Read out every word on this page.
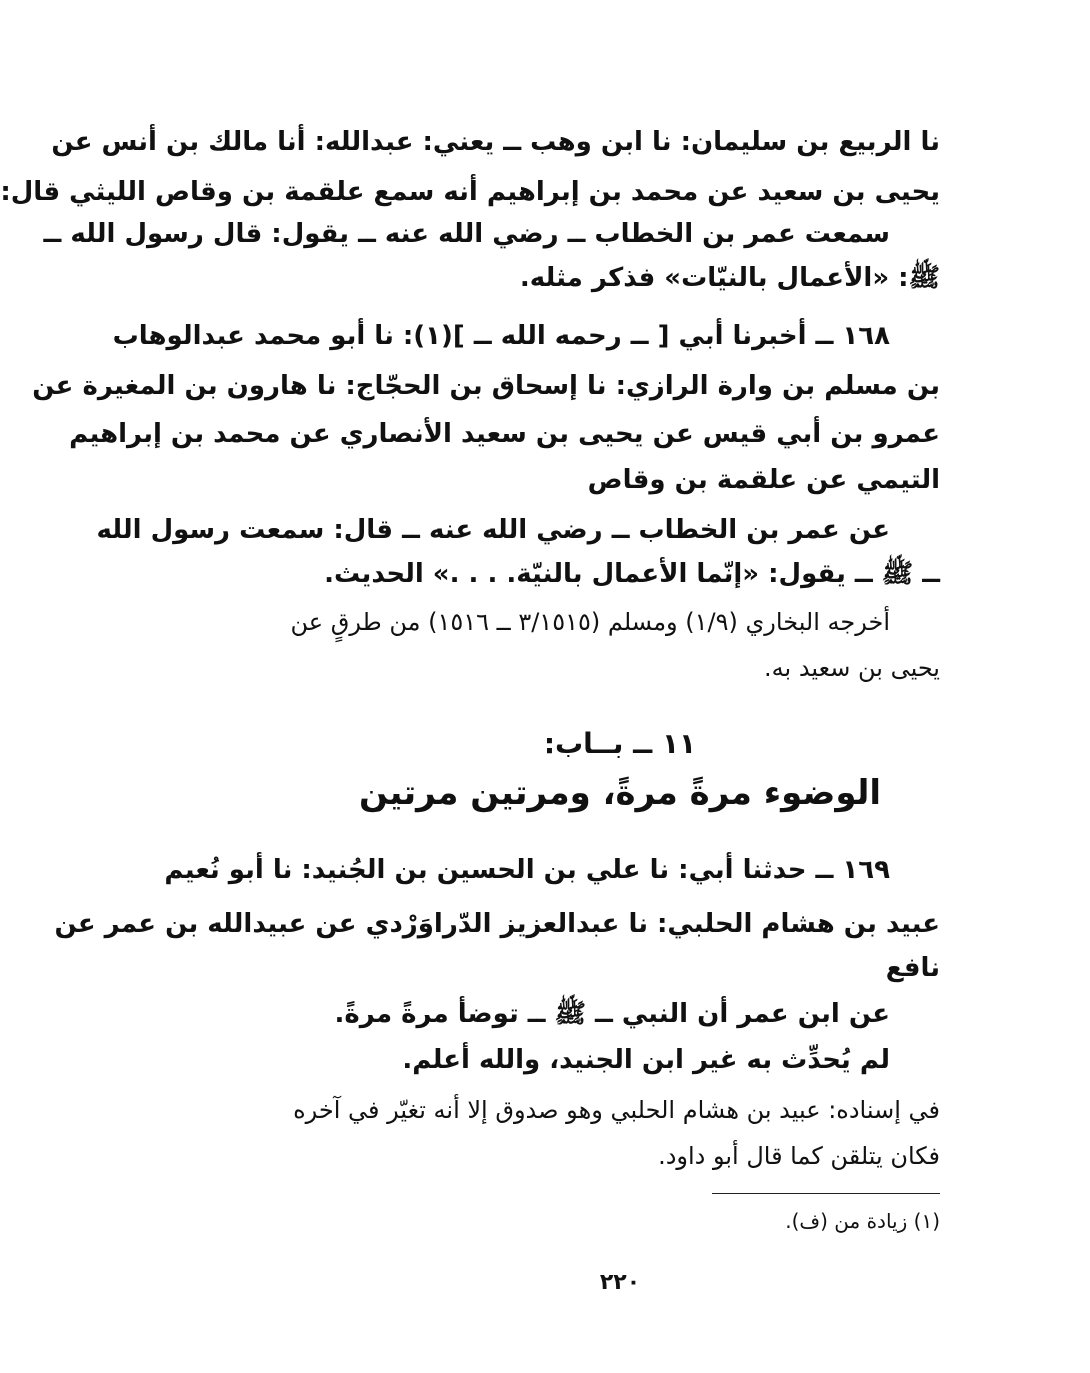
نا الربيع بن سليمان: نا ابن وهب ــ يعني: عبدالله: أنا مالك بن أنس عن
يحيى بن سعيد عن محمد بن إبراهيم أنه سمع علقمة بن وقاص الليثي قال:
سمعت عمر بن الخطاب ــ رضي الله عنه ــ يقول: قال رسول الله ــ
ﷺ: «الأعمال بالنيّات» فذكر مثله.
١٦٨ ــ أخبرنا أبي [ ــ رحمه الله ــ ](١): نا أبو محمد عبدالوهاب
بن مسلم بن وارة الرازي: نا إسحاق بن الحجّاج: نا هارون بن المغيرة عن
عمرو بن أبي قيس عن يحيى بن سعيد الأنصاري عن محمد بن إبراهيم
التيمي عن علقمة بن وقاص
عن عمر بن الخطاب ــ رضي الله عنه ــ قال: سمعت رسول الله
ــ ﷺ ــ يقول: «إنّما الأعمال بالنيّة. . . .» الحديث.
أخرجه البخاري (١/٩) ومسلم (٣/١٥١٥ ــ ١٥١٦) من طرقٍ عن
يحيى بن سعيد به.
١١ ــ بــاب:
الوضوء مرةً مرةً، ومرتين مرتين
١٦٩ ــ حدثنا أبي: نا علي بن الحسين بن الجُنيد: نا أبو نُعيم
عبيد بن هشام الحلبي: نا عبدالعزيز الدّراوَرْدي عن عبيدالله بن عمر عن
نافع
عن ابن عمر أن النبي ــ ﷺ ــ توضأ مرةً مرةً.
لم يُحدِّث به غير ابن الجنيد، والله أعلم.
في إسناده: عبيد بن هشام الحلبي وهو صدوق إلا أنه تغيّر في آخره
فكان يتلقن كما قال أبو داود.
(١) زيادة من (ف).
٢٢٠
